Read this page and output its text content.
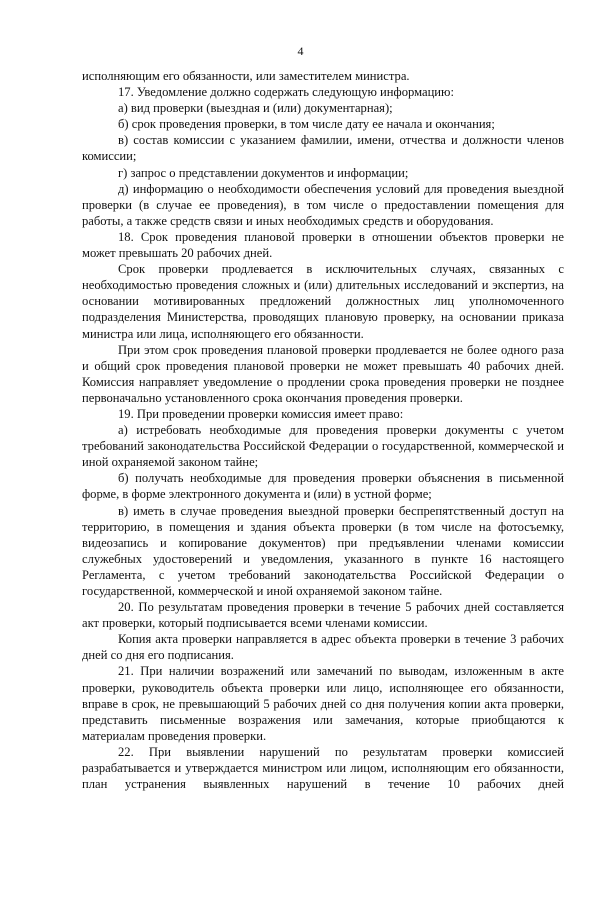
4

исполняющим его обязанности, или заместителем министра.

17. Уведомление должно содержать следующую информацию:

а) вид проверки (выездная и (или) документарная);

б) срок проведения проверки, в том числе дату ее начала и окончания;

в) состав комиссии с указанием фамилии, имени, отчества и должности членов комиссии;

г) запрос о представлении документов и информации;

д) информацию о необходимости обеспечения условий для проведения выездной проверки (в случае ее проведения), в том числе о предоставлении помещения для работы, а также средств связи и иных необходимых средств и оборудования.

18. Срок проведения плановой проверки в отношении объектов проверки не может превышать 20 рабочих дней.

Срок проверки продлевается в исключительных случаях, связанных с необходимостью проведения сложных и (или) длительных исследований и экспертиз, на основании мотивированных предложений должностных лиц уполномоченного подразделения Министерства, проводящих плановую проверку, на основании приказа министра или лица, исполняющего его обязанности.

При этом срок проведения плановой проверки продлевается не более одного раза и общий срок проведения плановой проверки не может превышать 40 рабочих дней. Комиссия направляет уведомление о продлении срока проведения проверки не позднее первоначально установленного срока окончания проведения проверки.

19. При проведении проверки комиссия имеет право:

а) истребовать необходимые для проведения проверки документы с учетом требований законодательства Российской Федерации о государственной, коммерческой и иной охраняемой законом тайне;

б) получать необходимые для проведения проверки объяснения в письменной форме, в форме электронного документа и (или) в устной форме;

в) иметь в случае проведения выездной проверки беспрепятственный доступ на территорию, в помещения и здания объекта проверки (в том числе на фотосъемку, видеозапись и копирование документов) при предъявлении членами комиссии служебных удостоверений и уведомления, указанного в пункте 16 настоящего Регламента, с учетом требований законодательства Российской Федерации о государственной, коммерческой и иной охраняемой законом тайне.

20. По результатам проведения проверки в течение 5 рабочих дней составляется акт проверки, который подписывается всеми членами комиссии.

Копия акта проверки направляется в адрес объекта проверки в течение 3 рабочих дней со дня его подписания.

21. При наличии возражений или замечаний по выводам, изложенным в акте проверки, руководитель объекта проверки или лицо, исполняющее его обязанности, вправе в срок, не превышающий 5 рабочих дней со дня получения копии акта проверки, представить письменные возражения или замечания, которые приобщаются к материалам проведения проверки.

22. При выявлении нарушений по результатам проверки комиссией разрабатывается и утверждается министром или лицом, исполняющим его обязанности, план устранения выявленных нарушений в течение 10 рабочих дней
